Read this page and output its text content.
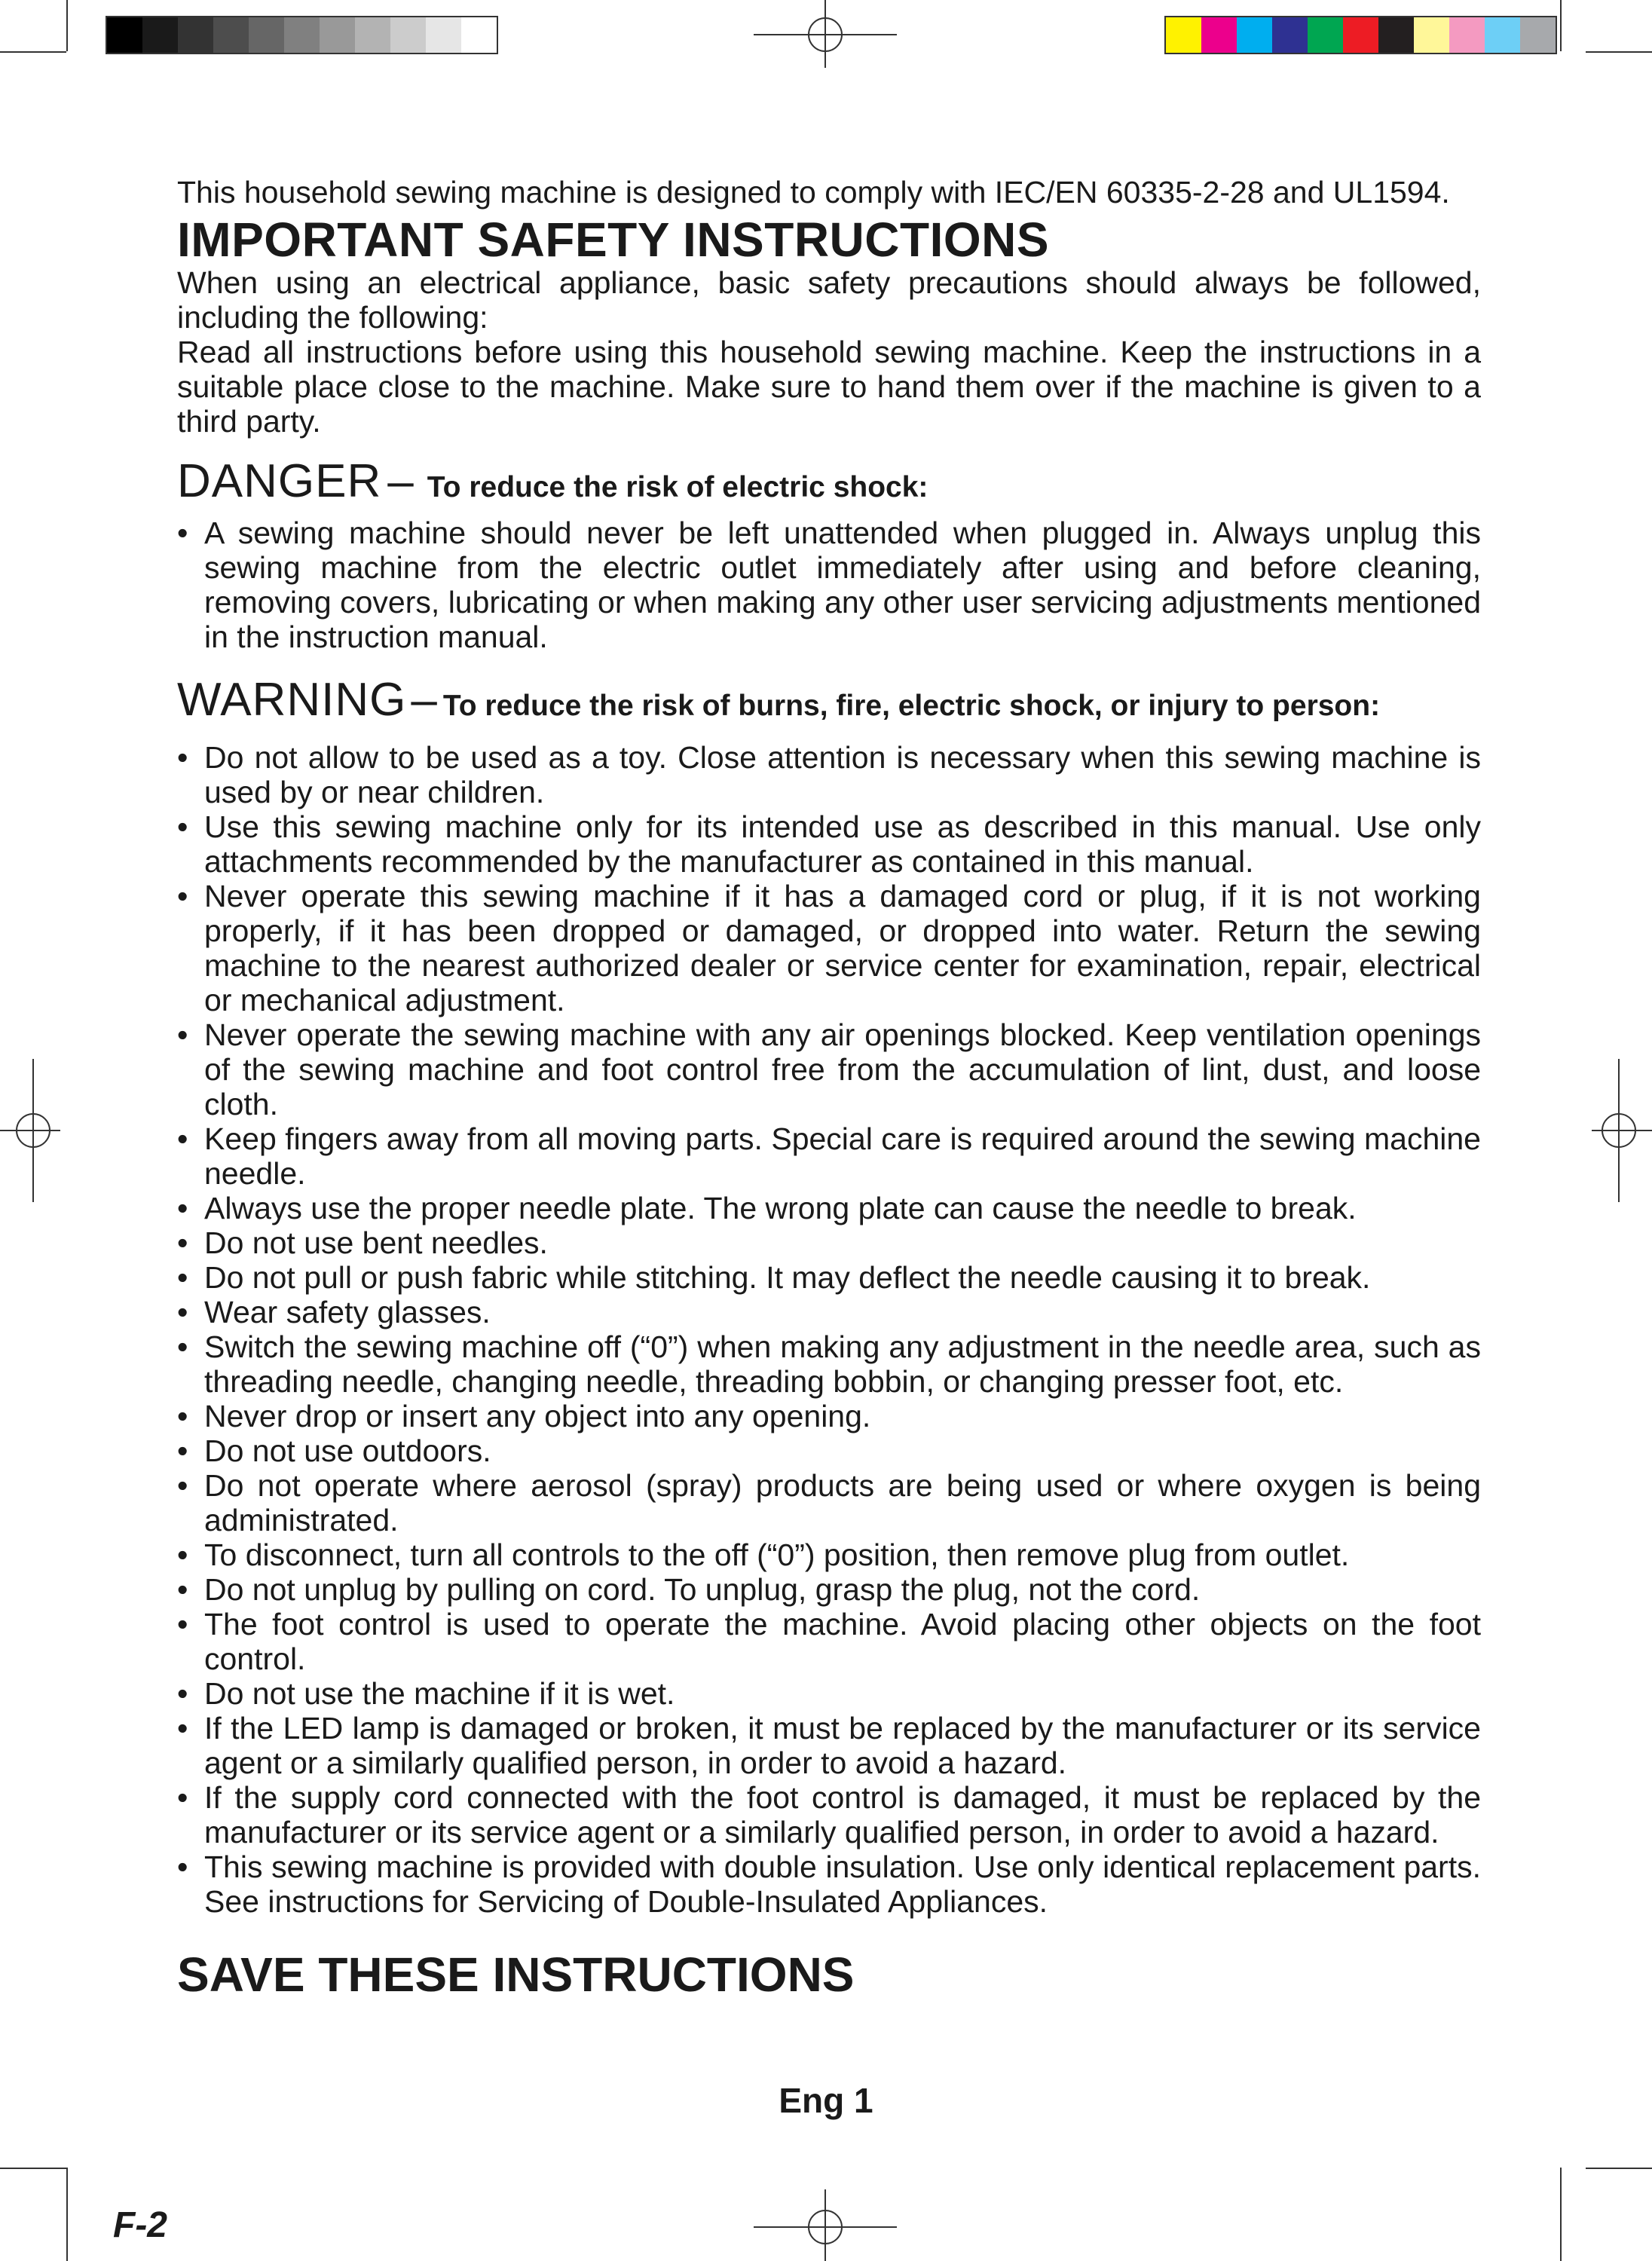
This household sewing machine is designed to comply with IEC/EN 60335-2-28 and UL1594.

IMPORTANT SAFETY INSTRUCTIONS

When using an electrical appliance, basic safety precautions should always be followed, including the following:

Read all instructions before using this household sewing machine. Keep the instructions in a suitable place close to the machine. Make sure to hand them over if the machine is given to a third party.

DANGER – To reduce the risk of electric shock:
• A sewing machine should never be left unattended when plugged in. Always unplug this sewing machine from the electric outlet immediately after using and before cleaning, removing covers, lubricating or when making any other user servicing adjustments mentioned in the instruction manual.
WARNING – To reduce the risk of burns, fire, electric shock, or injury to person:
• Do not allow to be used as a toy. Close attention is necessary when this sewing machine is used by or near children.
• Use this sewing machine only for its intended use as described in this manual. Use only attachments recommended by the manufacturer as contained in this manual.
• Never operate this sewing machine if it has a damaged cord or plug, if it is not working properly, if it has been dropped or damaged, or dropped into water. Return the sewing machine to the nearest authorized dealer or service center for examination, repair, electrical or mechanical adjustment.
• Never operate the sewing machine with any air openings blocked. Keep ventilation openings of the sewing machine and foot control free from the accumulation of lint, dust, and loose cloth.
• Keep fingers away from all moving parts. Special care is required around the sewing machine needle.
• Always use the proper needle plate. The wrong plate can cause the needle to break.
• Do not use bent needles.
• Do not pull or push fabric while stitching. It may deflect the needle causing it to break.
• Wear safety glasses.
• Switch the sewing machine off (“0”) when making any adjustment in the needle area, such as threading needle, changing needle, threading bobbin, or changing presser foot, etc.
• Never drop or insert any object into any opening.
• Do not use outdoors.
• Do not operate where aerosol (spray) products are being used or where oxygen is being administrated.
• To disconnect, turn all controls to the off (“0”) position, then remove plug from outlet.
• Do not unplug by pulling on cord. To unplug, grasp the plug, not the cord.
• The foot control is used to operate the machine. Avoid placing other objects on the foot control.
• Do not use the machine if it is wet.
• If the LED lamp is damaged or broken, it must be replaced by the manufacturer or its service agent or a similarly qualified person, in order to avoid a hazard.
• If the supply cord connected with the foot control is damaged, it must be replaced by the manufacturer or its service agent or a similarly qualified person, in order to avoid a hazard.
• This sewing machine is provided with double insulation. Use only identical replacement parts. See instructions for Servicing of Double-Insulated Appliances.
SAVE THESE INSTRUCTIONS
Eng 1
F-2
